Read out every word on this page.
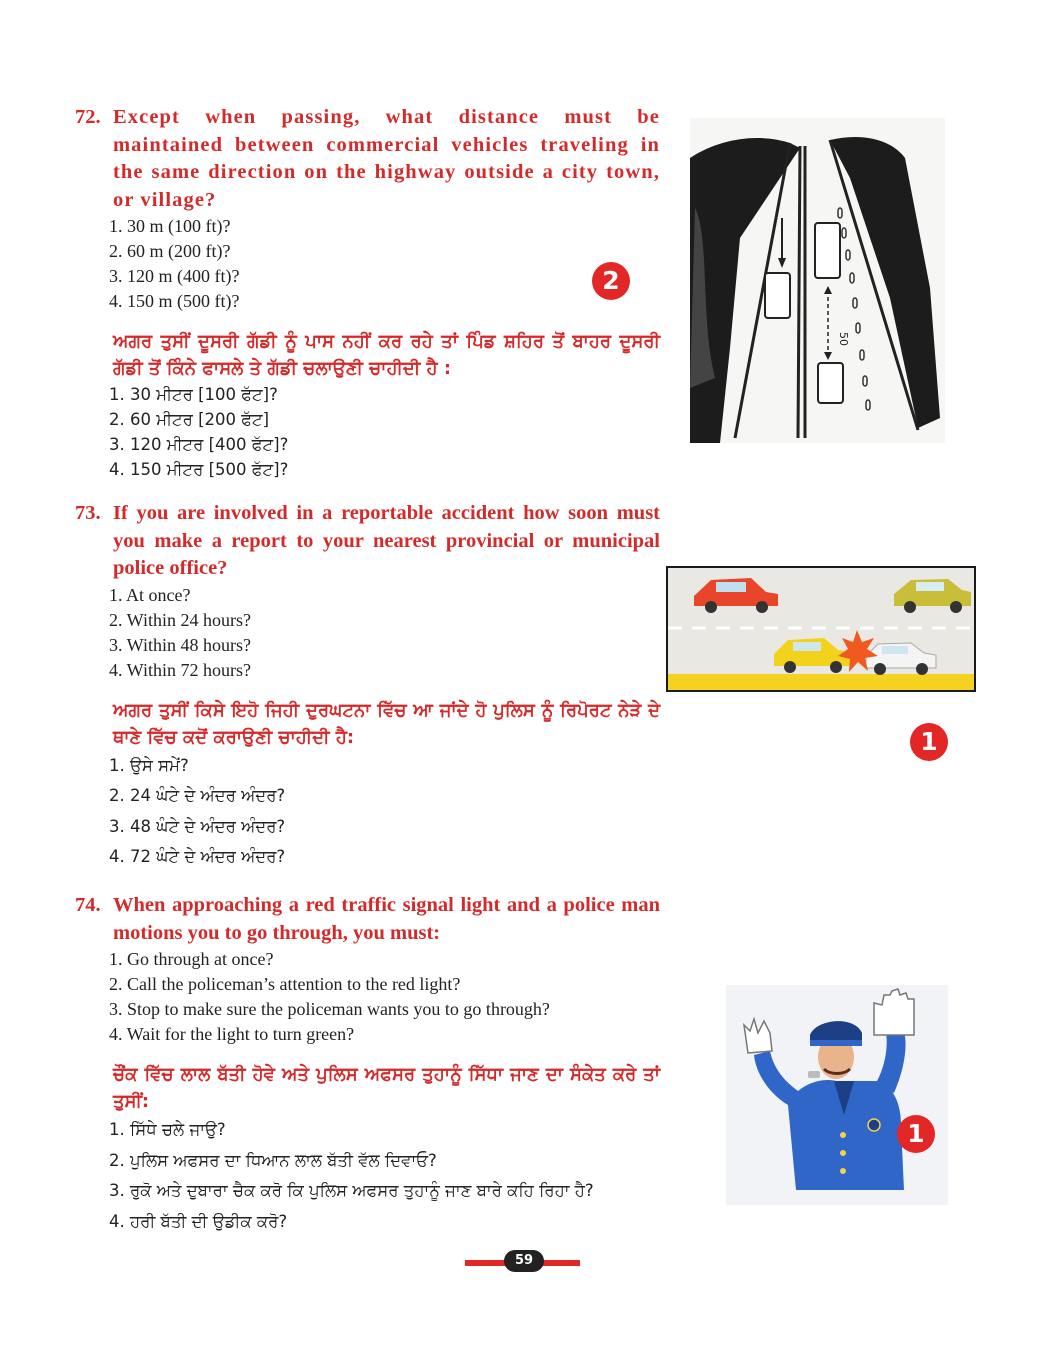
72. Except when passing, what distance must be maintained between commercial vehicles traveling in the same direction on the highway outside a city town, or village?
1. 30 m (100 ft)?
2. 60 m (200 ft)?
3. 120 m (400 ft)?
4. 150 m (500 ft)?
ਅਗਰ ਤੁਸੀਂ ਦੂਸਰੀ ਗੱਡੀ ਨੂੰ ਪਾਸ ਨਹੀਂ ਕਰ ਰਹੇ ਤਾਂ ਪਿੰਡ ਸ਼ਹਿਰ ਤੋਂ ਬਾਹਰ ਦੂਸਰੀ ਗੱਡੀ ਤੋਂ ਕਿੰਨੇ ਫਾਸਲੇ ਤੇ ਗੱਡੀ ਚਲਾਉਣੀ ਚਾਹੀਦੀ ਹੈ :
1. 30 ਮੀਟਰ [100 ਫੱਟ]?
2. 60 ਮੀਟਰ [200 ਫੱਟ]
3. 120 ਮੀਟਰ [400 ਫੱਟ]?
4. 150 ਮੀਟਰ [500 ਫੱਟ]?
2
50
73. If you are involved in a reportable accident how soon must you make a report to your nearest provincial or municipal police office?
1. At once?
2. Within 24 hours?
3. Within 48 hours?
4. Within 72 hours?
ਅਗਰ ਤੁਸੀਂ ਕਿਸੇ ਇਹੋ ਜਿਹੀ ਦੁਰਘਟਨਾ ਵਿੱਚ ਆ ਜਾਂਦੇ ਹੋ ਪੁਲਿਸ ਨੂੰ ਰਿਪੋਰਟ ਨੇੜੇ ਦੇ ਥਾਣੇ ਵਿੱਚ ਕਦੋਂ ਕਰਾਉਣੀ ਚਾਹੀਦੀ ਹੈ:
1. ਉਸੇ ਸਮੇਂ?
2. 24 ਘੰਟੇ ਦੇ ਅੰਦਰ ਅੰਦਰ?
3. 48 ਘੰਟੇ ਦੇ ਅੰਦਰ ਅੰਦਰ?
4. 72 ਘੰਟੇ ਦੇ ਅੰਦਰ ਅੰਦਰ?
1
74. When approaching a red traffic signal light and a police man motions you to go through, you must:
1. Go through at once?
2. Call the policeman’s attention to the red light?
3. Stop to make sure the policeman wants you to go through?
4. Wait for the light to turn green?
ਚੌਂਕ ਵਿੱਚ ਲਾਲ ਬੱਤੀ ਹੋਵੇ ਅਤੇ ਪੁਲਿਸ ਅਫਸਰ ਤੁਹਾਨੂੰ ਸਿੱਧਾ ਜਾਣ ਦਾ ਸੰਕੇਤ ਕਰੇ ਤਾਂ ਤੁਸੀਂ:
1. ਸਿੱਧੇ ਚਲੇ ਜਾਉ?
2. ਪੁਲਿਸ ਅਫਸਰ ਦਾ ਧਿਆਨ ਲਾਲ ਬੱਤੀ ਵੱਲ ਦਿਵਾਓ?
3. ਰੁਕੋ ਅਤੇ ਦੁਬਾਰਾ ਚੈਕ ਕਰੋ ਕਿ ਪੁਲਿਸ ਅਫਸਰ ਤੁਹਾਨੂੰ ਜਾਣ ਬਾਰੇ ਕਹਿ ਰਿਹਾ ਹੈ?
4. ਹਰੀ ਬੱਤੀ ਦੀ ਉਡੀਕ ਕਰੋ?
1
59
